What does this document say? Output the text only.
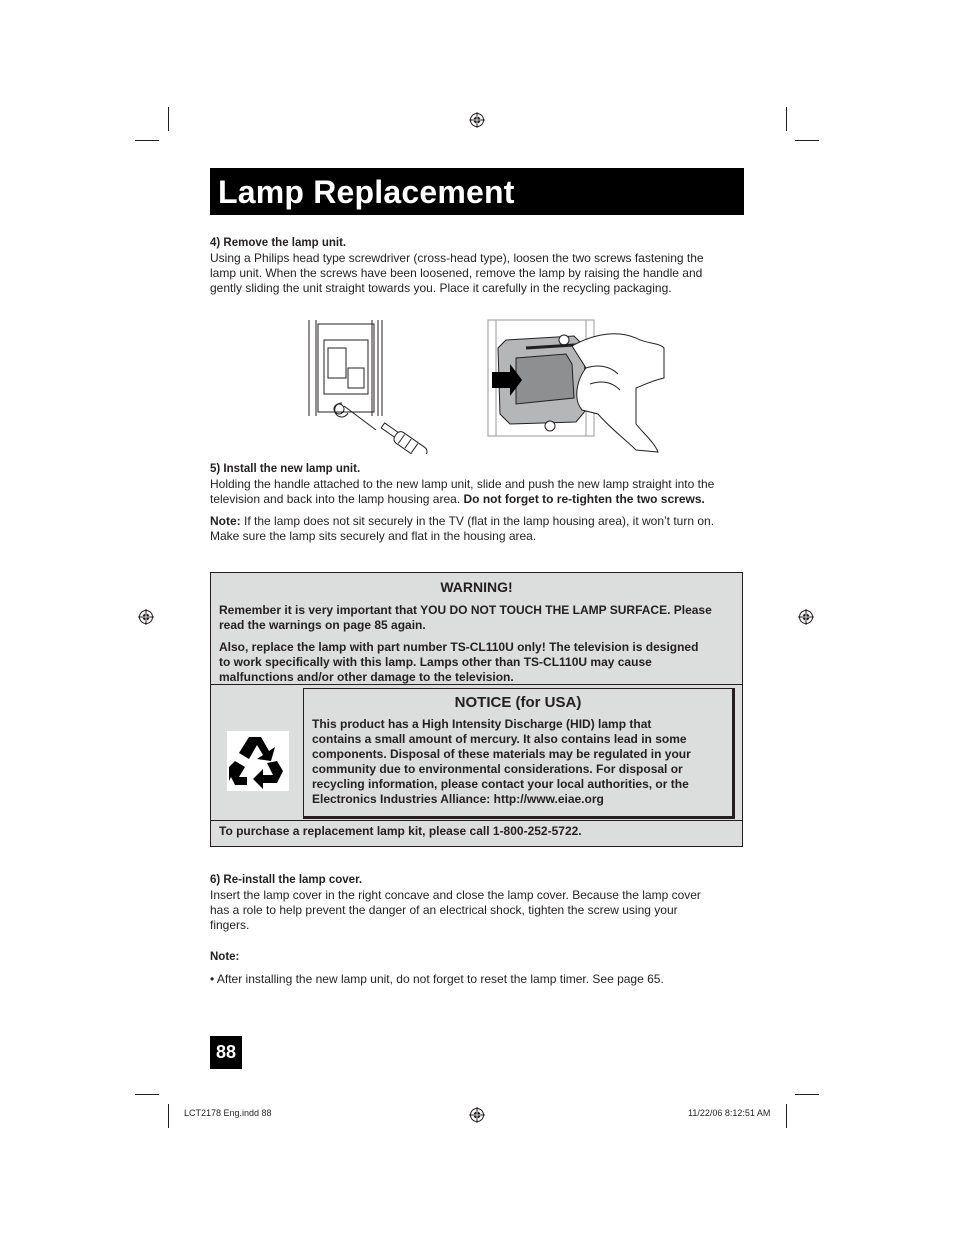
Lamp Replacement
4) Remove the lamp unit.
Using a Philips head type screwdriver (cross-head type), loosen the two screws fastening the
lamp unit. When the screws have been loosened, remove the lamp by raising the handle and
gently sliding the unit straight towards you. Place it carefully in the recycling packaging.
5) Install the new lamp unit.
Holding the handle attached to the new lamp unit, slide and push the new lamp straight into the
television and back into the lamp housing area. Do not forget to re-tighten the two screws.
Note: If the lamp does not sit securely in the TV (flat in the lamp housing area), it won’t turn on.
Make sure the lamp sits securely and flat in the housing area.
WARNING!
Remember it is very important that YOU DO NOT TOUCH THE LAMP SURFACE. Please
read the warnings on page 85 again.
Also, replace the lamp with part number TS-CL110U only! The television is designed
to work specifically with this lamp. Lamps other than TS-CL110U may cause
malfunctions and/or other damage to the television.
NOTICE (for USA)
This product has a High Intensity Discharge (HID) lamp that
contains a small amount of mercury. It also contains lead in some
components. Disposal of these materials may be regulated in your
community due to environmental considerations. For disposal or
recycling information, please contact your local authorities, or the
Electronics Industries Alliance: http://www.eiae.org
To purchase a replacement lamp kit, please call 1-800-252-5722.
6) Re-install the lamp cover.
Insert the lamp cover in the right concave and close the lamp cover. Because the lamp cover
has a role to help prevent the danger of an electrical shock, tighten the screw using your
fingers.
Note:
• After installing the new lamp unit, do not forget to reset the lamp timer. See page 65.
88
LCT2178 Eng.indd 88	11/22/06 8:12:51 AM
